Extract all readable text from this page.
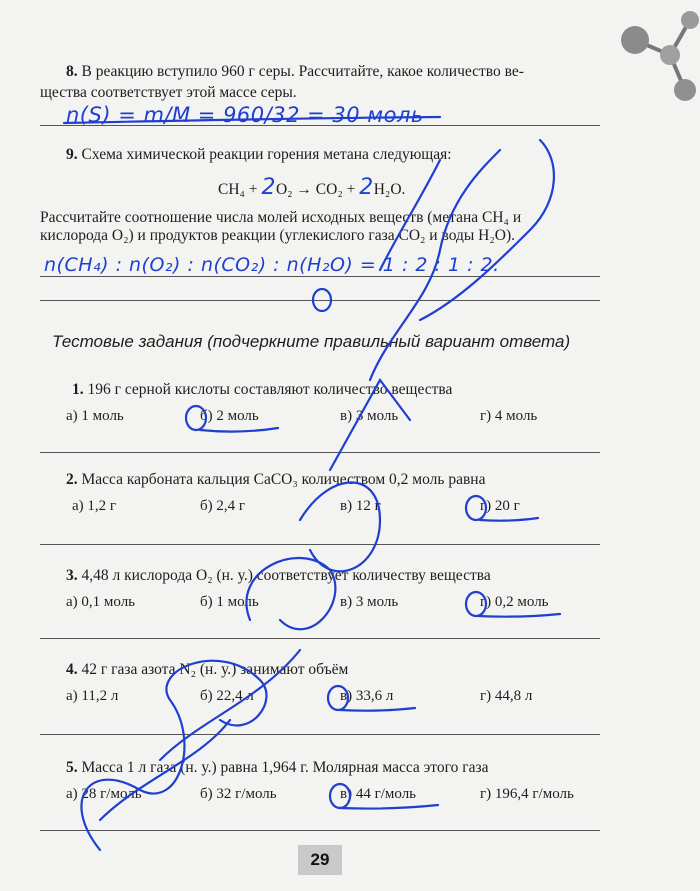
8. В реакцию вступило 960 г серы. Рассчитайте, какое количество ве-
щества соответствует этой массе серы.
n(S) = m/M = 960/32 = 30 моль
9. Схема химической реакции горения метана следующая:
CH₄ + 2O₂ → CO₂ + 2H₂O.
Рассчитайте соотношение числа молей исходных веществ (метана CH₄ и
кислорода O₂) и продуктов реакции (углекислого газа CO₂ и воды H₂O).
n(CH₄) : n(O₂) : n(CO₂) : n(H₂O) = 1 : 2 : 1 : 2.
Тестовые задания (подчеркните правильный вариант ответа)
1. 196 г серной кислоты составляют количество вещества
а) 1 моль	б) 2 моль	в) 3 моль	г) 4 моль
2. Масса карбоната кальция CaCO₃ количеством 0,2 моль равна
а) 1,2 г	б) 2,4 г	в) 12 г	г) 20 г
3. 4,48 л кислорода O₂ (н. у.) соответствует количеству вещества
а) 0,1 моль	б) 1 моль	в) 3 моль	г) 0,2 моль
4. 42 г газа азота N₂ (н. у.) занимают объём
а) 11,2 л	б) 22,4 л	в) 33,6 л	г) 44,8 л
5. Масса 1 л газа (н. у.) равна 1,964 г. Молярная масса этого газа
а) 28 г/моль	б) 32 г/моль	в) 44 г/моль	г) 196,4 г/моль
29
